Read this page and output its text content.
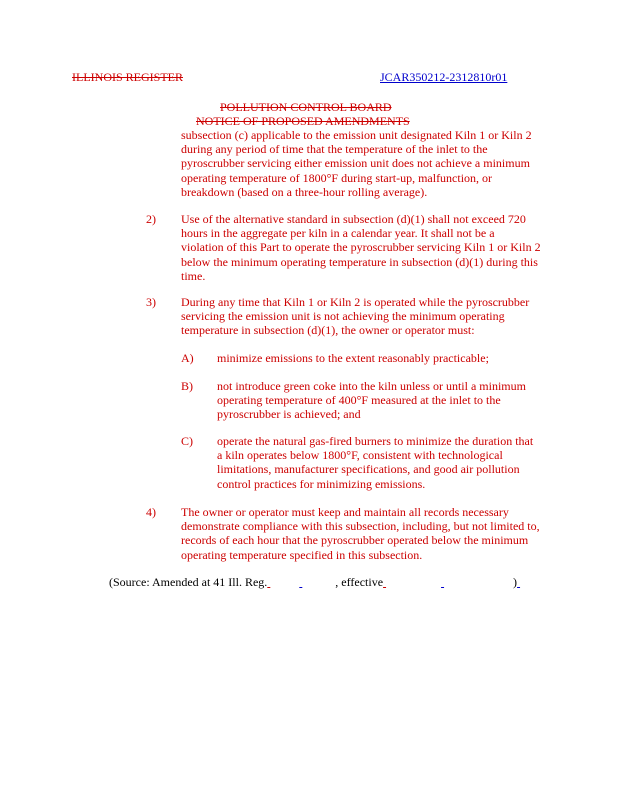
ILLINOIS REGISTER	JCAR350212-2312810r01
POLLUTION CONTROL BOARD
NOTICE OF PROPOSED AMENDMENTS
subsection (c) applicable to the emission unit designated Kiln 1 or Kiln 2
during any period of time that the temperature of the inlet to the
pyroscrubber servicing either emission unit does not achieve a minimum
operating temperature of 1800°F during start-up, malfunction, or
breakdown (based on a three-hour rolling average).
2) Use of the alternative standard in subsection (d)(1) shall not exceed 720
hours in the aggregate per kiln in a calendar year. It shall not be a
violation of this Part to operate the pyroscrubber servicing Kiln 1 or Kiln 2
below the minimum operating temperature in subsection (d)(1) during this
time.
3) During any time that Kiln 1 or Kiln 2 is operated while the pyroscrubber
servicing the emission unit is not achieving the minimum operating
temperature in subsection (d)(1), the owner or operator must:
A) minimize emissions to the extent reasonably practicable;
B) not introduce green coke into the kiln unless or until a minimum
operating temperature of 400°F measured at the inlet to the
pyroscrubber is achieved; and
C) operate the natural gas-fired burners to minimize the duration that
a kiln operates below 1800°F, consistent with technological
limitations, manufacturer specifications, and good air pollution
control practices for minimizing emissions.
4) The owner or operator must keep and maintain all records necessary
demonstrate compliance with this subsection, including, but not limited to,
records of each hour that the pyroscrubber operated below the minimum
operating temperature specified in this subsection.
(Source: Amended at 41 Ill. Reg.	, effective	)
